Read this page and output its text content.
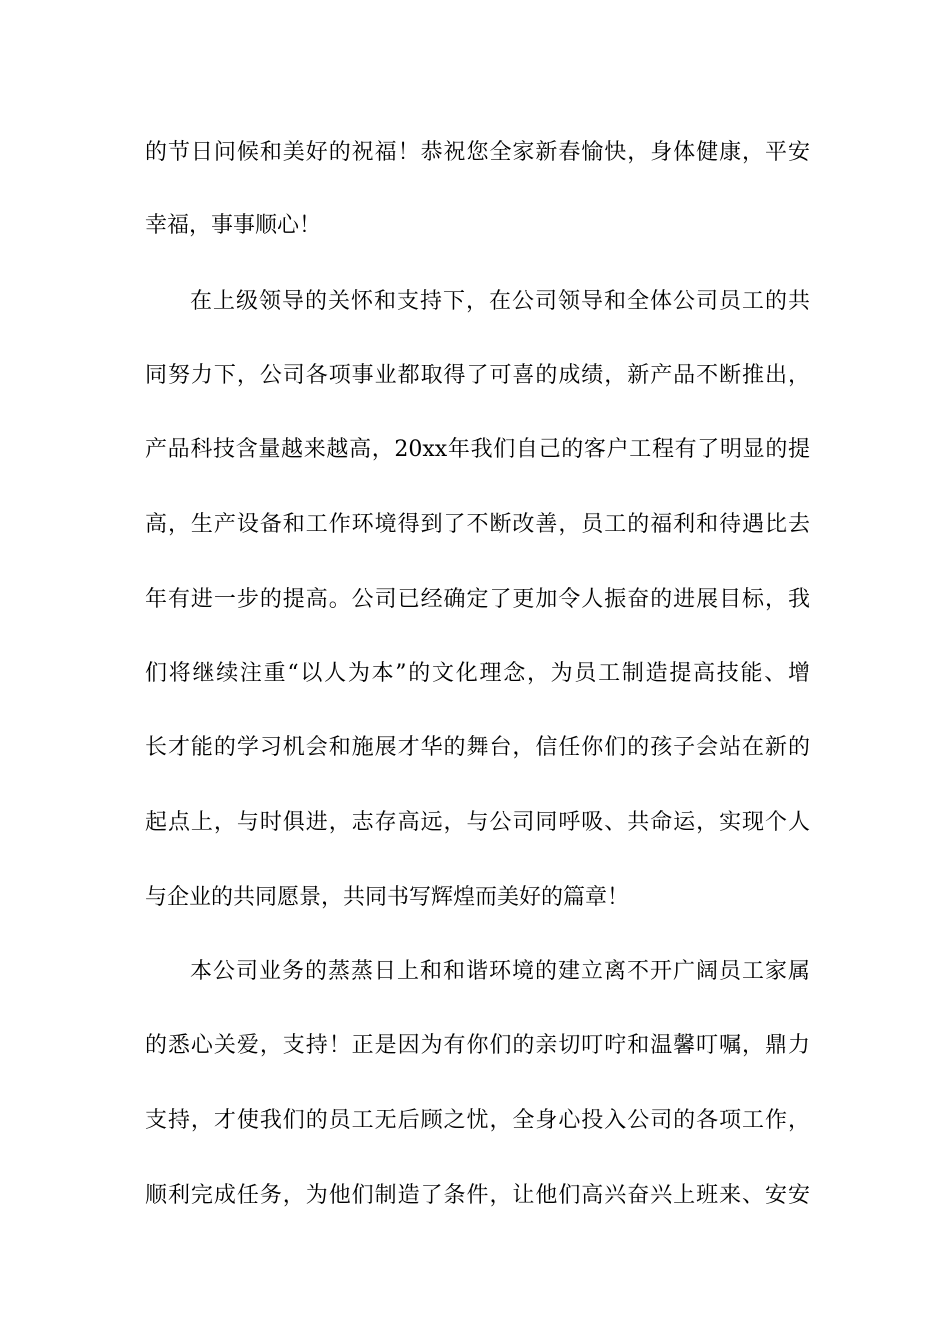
的节日问候和美好的祝福！恭祝您全家新春愉快，身体健康，平安
幸福，事事顺心！
在上级领导的关怀和支持下，在公司领导和全体公司员工的共
同努力下，公司各项事业都取得了可喜的成绩，新产品不断推出，
产品科技含量越来越高，20xx年我们自己的客户工程有了明显的提
高，生产设备和工作环境得到了不断改善，员工的福利和待遇比去
年有进一步的提高。公司已经确定了更加令人振奋的进展目标，我
们将继续注重“以人为本”的文化理念，为员工制造提高技能、增
长才能的学习机会和施展才华的舞台，信任你们的孩子会站在新的
起点上，与时俱进，志存高远，与公司同呼吸、共命运，实现个人
与企业的共同愿景，共同书写辉煌而美好的篇章！
本公司业务的蒸蒸日上和和谐环境的建立离不开广阔员工家属
的悉心关爱，支持！正是因为有你们的亲切叮咛和温馨叮嘱，鼎力
支持，才使我们的员工无后顾之忧，全身心投入公司的各项工作，
顺利完成任务，为他们制造了条件，让他们高兴奋兴上班来、安安
